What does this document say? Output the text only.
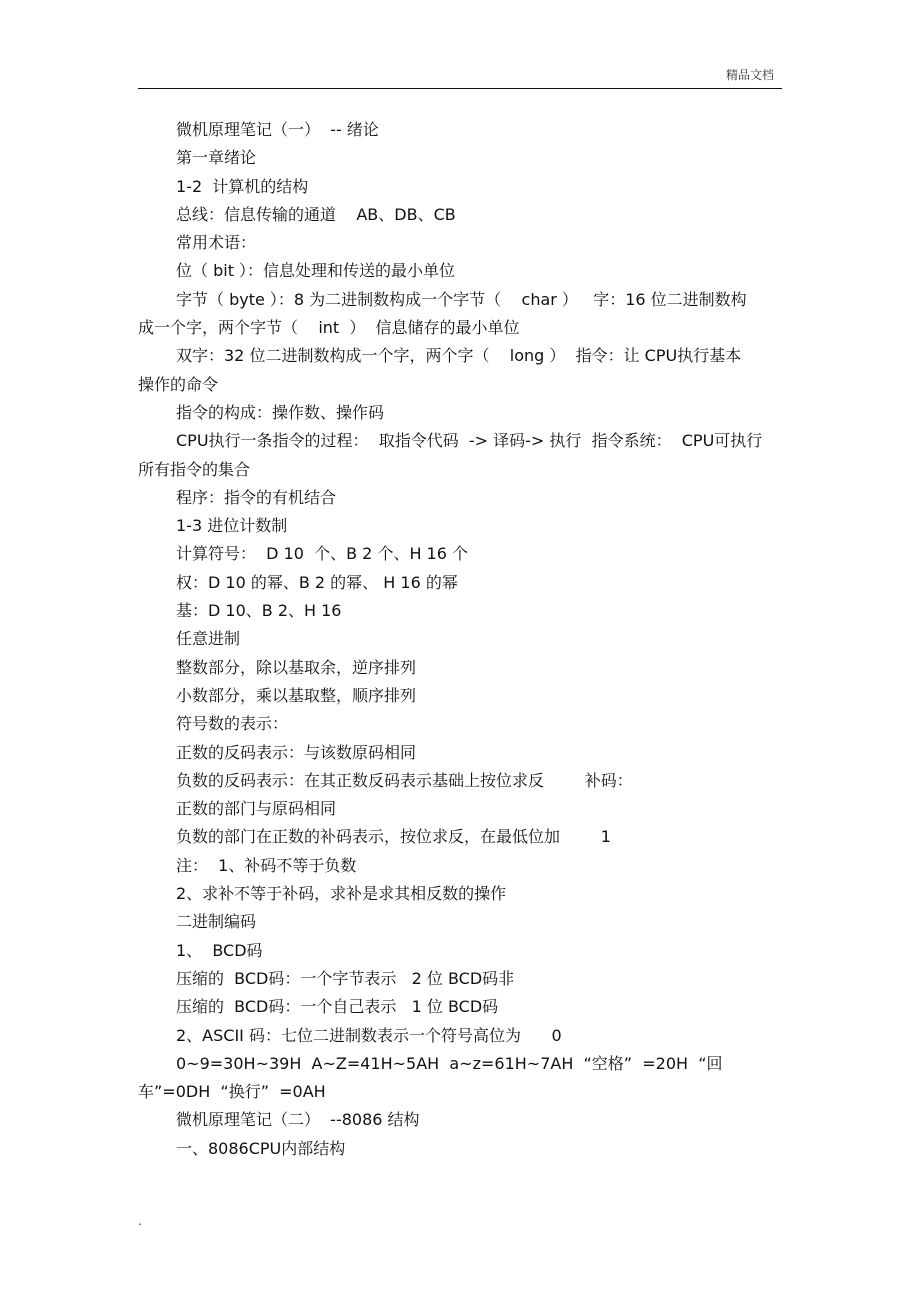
精品文档

微机原理笔记（一）  -- 绪论

第一章绪论

1-2  计算机的结构

总线：信息传输的通道    AB、DB、CB

常用术语：

位（ bit ）：信息处理和传送的最小单位

字节（ byte ）：8 为二进制数构成一个字节（    char ）   字：16 位二进制数构

成一个字，两个字节（    int  ）  信息储存的最小单位

双字：32 位二进制数构成一个字，两个字（    long ）  指令：让 CPU执行基本

操作的命令

指令的构成：操作数、操作码

CPU执行一条指令的过程：  取指令代码  -> 译码-> 执行  指令系统：  CPU可执行

所有指令的集合

程序：指令的有机结合

1-3 进位计数制

计算符号：  D 10  个、B 2 个、H 16 个

权：D 10 的幂、B 2 的幂、 H 16 的幂

基：D 10、B 2、H 16

任意进制

整数部分，除以基取余，逆序排列

小数部分，乘以基取整，顺序排列

符号数的表示：

正数的反码表示：与该数原码相同

负数的反码表示：在其正数反码表示基础上按位求反        补码：

正数的部门与原码相同

负数的部门在正数的补码表示，按位求反，在最低位加        1

注：  1、补码不等于负数

2、求补不等于补码，求补是求其相反数的操作

二进制编码

1、  BCD码

压缩的  BCD码：一个字节表示   2 位 BCD码非

压缩的  BCD码：一个自己表示   1 位 BCD码

2、ASCII 码：七位二进制数表示一个符号高位为      0

0~9=30H~39H  A~Z=41H~5AH  a~z=61H~7AH  “空格”  =20H  “回

车”=0DH  “换行”  =0AH

微机原理笔记（二）  --8086 结构

一、8086CPU内部结构

.
